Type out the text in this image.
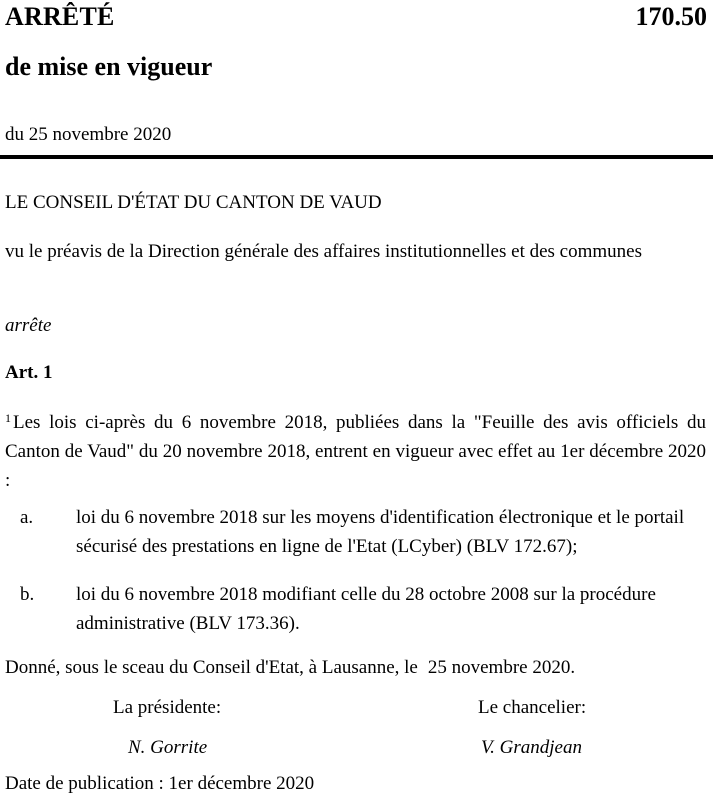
ARRÊTÉ	170.50
de mise en vigueur
du 25 novembre 2020
LE CONSEIL D'ÉTAT DU CANTON DE VAUD
vu le préavis de la Direction générale des affaires institutionnelles et des communes
arrête
Art. 1
$^1$ Les lois ci-après du 6 novembre 2018, publiées dans la "Feuille des avis officiels du Canton de Vaud" du 20 novembre 2018, entrent en vigueur avec effet au 1er décembre 2020 :
a. loi du 6 novembre 2018 sur les moyens d'identification électronique et le portail sécurisé des prestations en ligne de l'Etat (LCyber) (BLV 172.67);
b. loi du 6 novembre 2018 modifiant celle du 28 octobre 2008 sur la procédure administrative (BLV 173.36).
Donné, sous le sceau du Conseil d'Etat, à Lausanne, le 25 novembre 2020.
La présidente:	Le chancelier:
N. Gorrite	V. Grandjean
Date de publication : 1er décembre 2020
